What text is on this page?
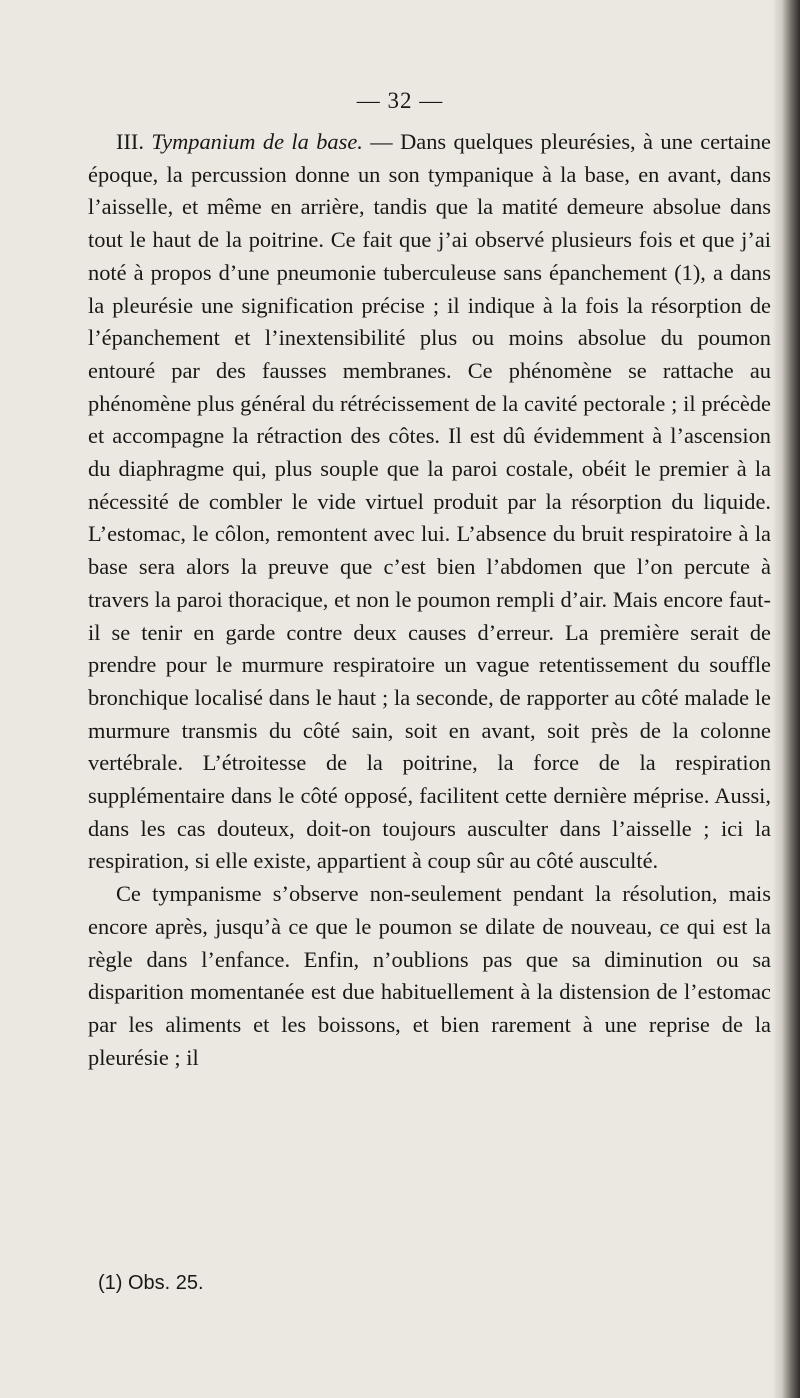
— 32 —

III. Tympanium de la base. — Dans quelques pleurésies, à une certaine époque, la percussion donne un son tympanique à la base, en avant, dans l’aisselle, et même en arrière, tandis que la matité demeure absolue dans tout le haut de la poitrine. Ce fait que j’ai observé plusieurs fois et que j’ai noté à propos d’une pneumonie tuberculeuse sans épanchement (1), a dans la pleurésie une signification précise ; il indique à la fois la résorption de l’épanchement et l’inextensibilité plus ou moins absolue du poumon entouré par des fausses membranes. Ce phénomène se rattache au phénomène plus général du rétrécissement de la cavité pectorale ; il précède et accompagne la rétraction des côtes. Il est dû évidemment à l’ascension du diaphragme qui, plus souple que la paroi costale, obéit le premier à la nécessité de combler le vide virtuel produit par la résorption du liquide. L’estomac, le côlon, remontent avec lui. L’absence du bruit respiratoire à la base sera alors la preuve que c’est bien l’abdomen que l’on percute à travers la paroi thoracique, et non le poumon rempli d’air. Mais encore faut-il se tenir en garde contre deux causes d’erreur. La première serait de prendre pour le murmure respiratoire un vague retentissement du souffle bronchique localisé dans le haut ; la seconde, de rapporter au côté malade le murmure transmis du côté sain, soit en avant, soit près de la colonne vertébrale. L’étroitesse de la poitrine, la force de la respiration supplémentaire dans le côté opposé, facilitent cette dernière méprise. Aussi, dans les cas douteux, doit-on toujours ausculter dans l’aisselle ; ici la respiration, si elle existe, appartient à coup sûr au côté ausculté.

Ce tympanisme s’observe non-seulement pendant la résolution, mais encore après, jusqu’à ce que le poumon se dilate de nouveau, ce qui est la règle dans l’enfance. Enfin, n’oublions pas que sa diminution ou sa disparition momentanée est due habituellement à la distension de l’estomac par les aliments et les boissons, et bien rarement à une reprise de la pleurésie ; il

(1) Obs. 25.
